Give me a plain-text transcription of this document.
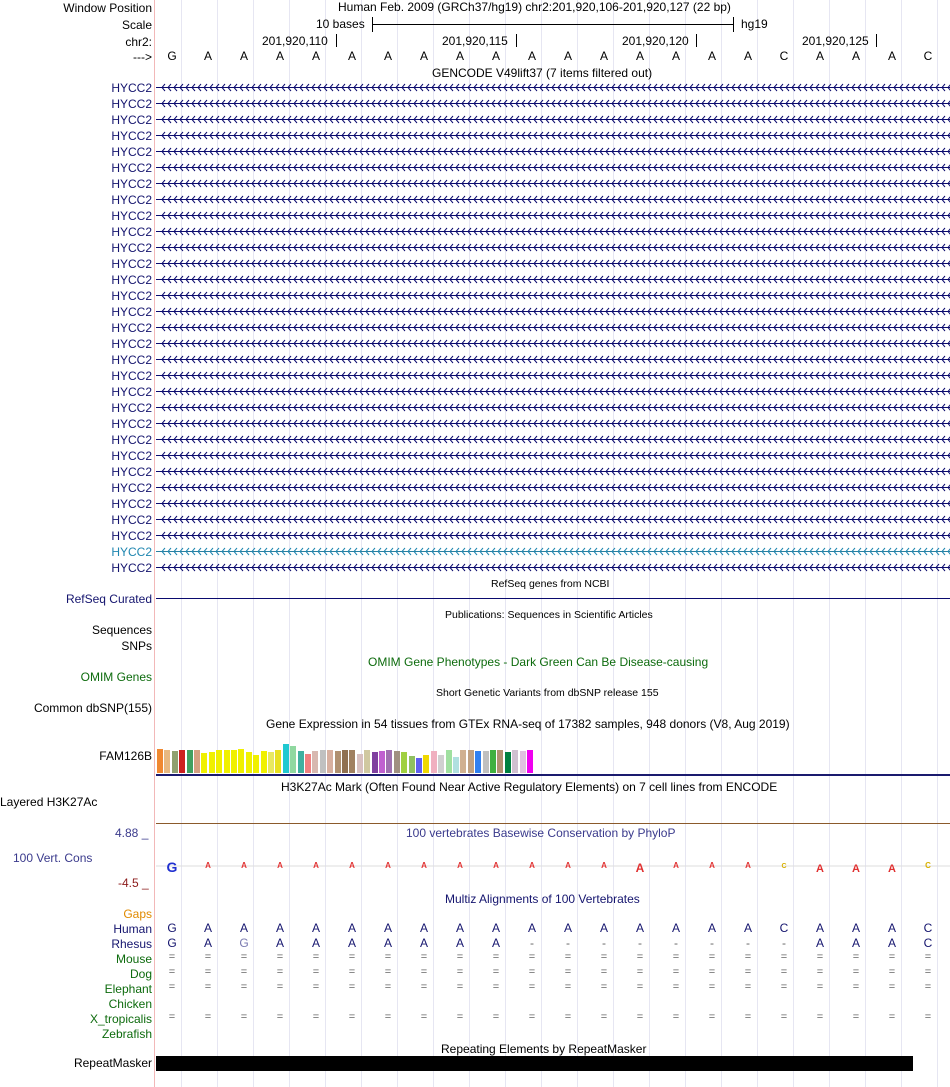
Window Position	Human Feb. 2009 (GRCh37/hg19) chr2:201,920,106-201,920,127 (22 bp)
Scale	10 bases	hg19
chr2:	201,920,110	201,920,115	201,920,120	201,920,125
--->	G	A	A	A	A	A	A	A	A	A	A	A	A	A	A	A	A	C	A	A	A	C
GENCODE V49lift37 (7 items filtered out)
HYCC2
HYCC2
HYCC2
HYCC2
HYCC2
HYCC2
HYCC2
HYCC2
HYCC2
HYCC2
HYCC2
HYCC2
HYCC2
HYCC2
HYCC2
HYCC2
HYCC2
HYCC2
HYCC2
HYCC2
HYCC2
HYCC2
HYCC2
HYCC2
HYCC2
HYCC2
HYCC2
HYCC2
HYCC2
HYCC2
HYCC2
RefSeq genes from NCBI
RefSeq Curated
Publications: Sequences in Scientific Articles
Sequences
SNPs
OMIM Gene Phenotypes - Dark Green Can Be Disease-causing
OMIM Genes
Short Genetic Variants from dbSNP release 155
Common dbSNP(155)
Gene Expression in 54 tissues from GTEx RNA-seq of 17382 samples, 948 donors (V8, Aug 2019)
FAM126B
H3K27Ac Mark (Often Found Near Active Regulatory Elements) on 7 cell lines from ENCODE
Layered H3K27Ac
100 vertebrates Basewise Conservation by PhyloP
4.88 _
100 Vert. Cons
-4.5 _
G	A	A	A	A	A	A	A	A	A	A	A	A A	A	A	A	C	A	A	A	C
Multiz Alignments of 100 Vertebrates
Gaps
Human	G	A	A	A	A	A	A	A	A	A	A	A	A	A	A	A	A	C	A	A	A	C
Rhesus	G	A	G	A	A	A	A	A	A	A	-	-	-	-	-	-	-	-	A	A	A	C
Mouse	=	=	=	=	=	=	=	=	=	=	=	=	=	=	=	=	=	=	=	=	=	=
Dog	=	=	=	=	=	=	=	=	=	=	=	=	=	=	=	=	=	=	=	=	=	=
Elephant	=	=	=	=	=	=	=	=	=	=	=	=	=	=	=	=	=	=	=	=	=	=
Chicken
X_tropicalis	=	=	=	=	=	=	=	=	=	=	=	=	=	=	=	=	=	=	=	=	=	=
Zebrafish
Repeating Elements by RepeatMasker
RepeatMasker
